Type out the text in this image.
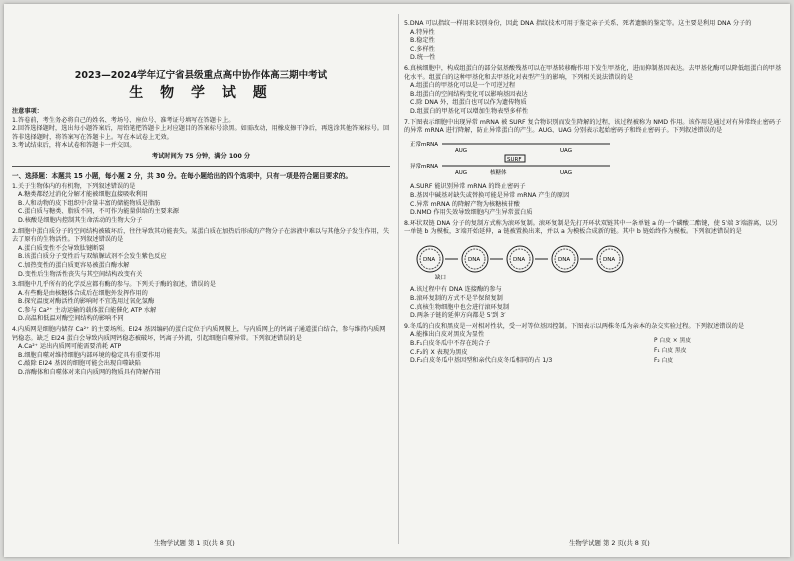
2023—2024学年辽宁省县级重点高中协作体高三期中考试
生 物 学 试 题
注意事项：
1.答卷前，考生务必将自己的姓名、考场号、座位号、准考证号填写在答题卡上。
2.回答选择题时，选出每小题答案后，用铅笔把答题卡上对应题目的答案标号涂黑。如需改动，用橡皮擦干净后，再选涂其他答案标号。回答非选择题时，将答案写在答题卡上。写在本试卷上无效。
3.考试结束后，将本试卷和答题卡一并交回。
考试时间为 75 分钟，满分 100 分
一、选择题：本题共 15 小题，每小题 2 分，共 30 分。在每小题给出的四个选项中，只有一项是符合题目要求的。
1.关于生物体内的有机物，下列叙述错误的是
A.糖类都经过消化分解才能被细胞直接吸收利用
B.人和动物的皮下组织中含量丰富的储能物质是脂肪
C.蛋白质与糖类、脂质不同，不可作为能量供给的主要来源
D.核酸是细胞内控制其生命活动的生物大分子
2.细胞中蛋白质分子的空间结构被破坏后，往往导致其功能丧失。某蛋白质在加热后形成的产物分子在溶液中难以与其他分子发生作用，失去了原有的生物活性。下列叙述错误的是
A.蛋白质变性不会导致肽键断裂
B.该蛋白质分子变性后与双缩脲试剂不会发生紫色反应
C.加热变性的蛋白质更容易被蛋白酶水解
D.变性后生物活性丧失与其空间结构改变有关
3.细胞中几乎所有的化学反应都有酶的参与。下列关于酶的叙述，错误的是
A.有些酶是由核糖体合成后在细胞外发挥作用的
B.探究温度对酶活性的影响时不宜选用过氧化氢酶
C.参与 Ca²⁺ 主动运输的载体蛋白能催化 ATP 水解
D.高温和低温对酶空间结构的影响不同
4.内质网是细胞内储存 Ca²⁺ 的主要场所。EI24 基因编码的蛋白定位于内质网膜上，与内质网上的钙离子通道蛋白结合，参与维持内质网钙稳态。缺乏 EI24 蛋白会导致内质网钙稳态被破坏，钙离子外流，引起细胞自噬异常。下列叙述错误的是
A.Ca²⁺ 运出内质网可能需要消耗 ATP
B.细胞自噬对维持细胞内部环境的稳定具有重要作用
C.敲除 EI24 基因的细胞可能会出现自噬缺陷
D.溶酶体和自噬体对来自内质网的物质具有降解作用
5.DNA 可以指纹一样用来识别身份，因此 DNA 指纹技术可用于鉴定亲子关系、死者遗骸的鉴定等。这主要是利用 DNA 分子的
A.特异性
B.稳定性
C.多样性
D.统一性
6.真核细胞中，构成组蛋白的部分氨基酸残基可以在甲基转移酶作用下发生甲基化，进而抑制基因表达。去甲基化酶可以降低组蛋白的甲基化水平。组蛋白的这种甲基化和去甲基化对表型产生的影响，下列相关说法错误的是
A.组蛋白的甲基化可以是一个可逆过程
B.组蛋白的空间结构变化可以影响基因表达
C.除 DNA 外，组蛋白也可以作为遗传物质
D.组蛋白的甲基化可以增加生物表型多样性
7.下图表示细胞中出现异常 mRNA 被 SURF 复合物识别而发生降解的过程，该过程被称为 NMD 作用。该作用是通过对有异常终止密码子的异常 mRNA 进行降解，防止异常蛋白的产生。AUG、UAG 分别表示起始密码子和终止密码子。下列叙述错误的是
正常mRNA
AUG	UAG
异常mRNA
AUG	UAG
SURF
核糖体
A.SURF 能识别异常 mRNA 的终止密码子
B.基因中碱基对缺失或替换可能是异常 mRNA 产生的原因
C.异常 mRNA 的降解产物为核糖核苷酸
D.NMD 作用失效导致细胞内产生异常蛋白质
8.环状双链 DNA 分子的复制方式称为滚环复制。滚环复制是先打开环状双链其中一条单链 a 的一个磷酸二酯键，使 5′端 3′端游离，以另一单链 b 为模板，3′端开始延伸，a 链被置换出来，并以 a 为模板合成新的链。其中 b 链始终作为模板。下列叙述错误的是
DNA	DNA	DNA	DNA	DNA
缺口
A.该过程中有 DNA 连接酶的参与
B.滚环复制的方式不是半保留复制
C.真核生物细胞中也会进行滚环复制
D.两条子链的延伸方向都是 5′到 3′
9.冬瓜的白皮和黑皮是一对相对性状，受一对等位基因控制。下图表示以两株冬瓜为亲本的杂交实验过程。下列叙述错误的是
A.能推出白皮对黑皮为显性
B.F₁白皮冬瓜中不存在纯合子
C.F₂的 X 表现为黑皮
D.F₂白皮冬瓜中基因型和亲代白皮冬瓜相同的占 1/3
P 白皮 × 黑皮
F₁ 白皮 黑皮
F₂ 白皮
生物学试题 第 1 页(共 8 页)	生物学试题 第 2 页(共 8 页)
